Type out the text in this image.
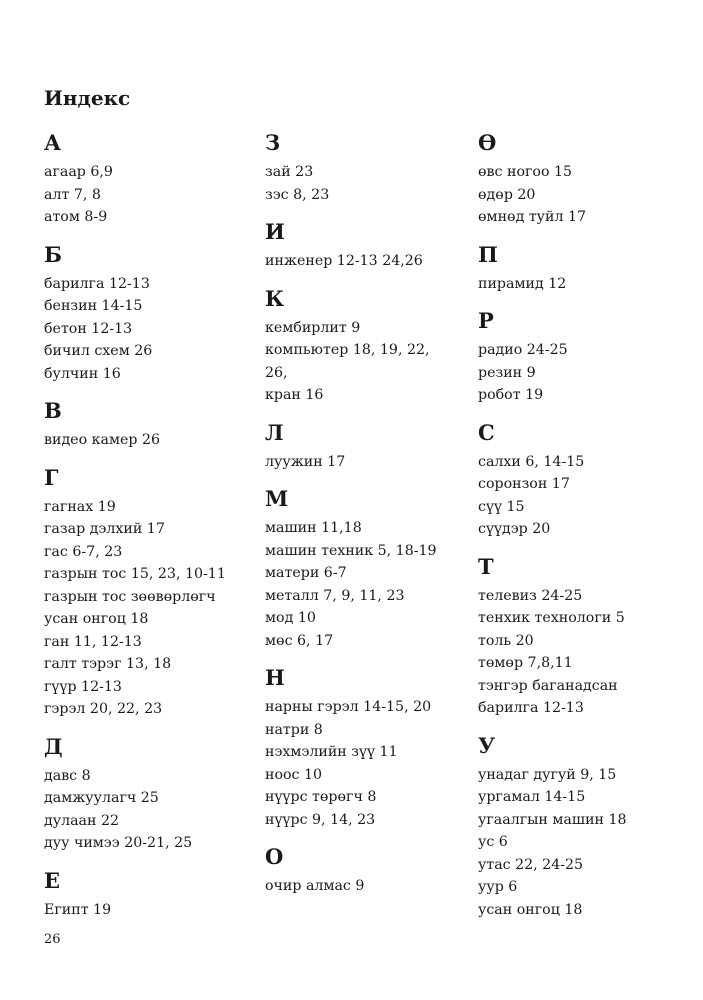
Индекс
А
агаар 6,9
алт 7, 8
атом 8-9
Б
барилга 12-13
бензин 14-15
бетон 12-13
бичил схем 26
булчин 16
В
видео камер 26
Г
гагнах 19
газар дэлхий 17
гас 6-7, 23
газрын тос 15, 23, 10-11
газрын тос зөөвөрлөгч
усан онгоц 18
ган 11, 12-13
галт тэрэг 13, 18
гүүр 12-13
гэрэл 20, 22, 23
Д
давс 8
дамжуулагч 25
дулаан 22
дуу чимээ 20-21, 25
Е
Египт 19
З
зай 23
зэс 8, 23
И
инженер 12-13 24,26
К
кембирлит 9
компьютер 18, 19, 22,
26,
кран 16
Л
луужин 17
М
машин 11,18
машин техник 5, 18-19
матери 6-7
металл 7, 9, 11, 23
мод 10
мөс 6, 17
Н
нарны гэрэл 14-15, 20
натри 8
нэхмэлийн зүү 11
ноос 10
нүүрс төрөгч 8
нүүрс 9, 14, 23
О
очир алмас 9
Ө
өвс ногоо 15
өдөр 20
өмнөд туйл 17
П
пирамид 12
Р
радио 24-25
резин 9
робот 19
С
салхи 6, 14-15
соронзон 17
сүү 15
сүүдэр 20
Т
телевиз 24-25
тенхик технологи 5
толь 20
төмөр 7,8,11
тэнгэр баганадсан
барилга 12-13
У
унадаг дугуй 9, 15
ургамал 14-15
угаалгын машин 18
ус 6
утас 22, 24-25
уур 6
усан онгоц 18
26
